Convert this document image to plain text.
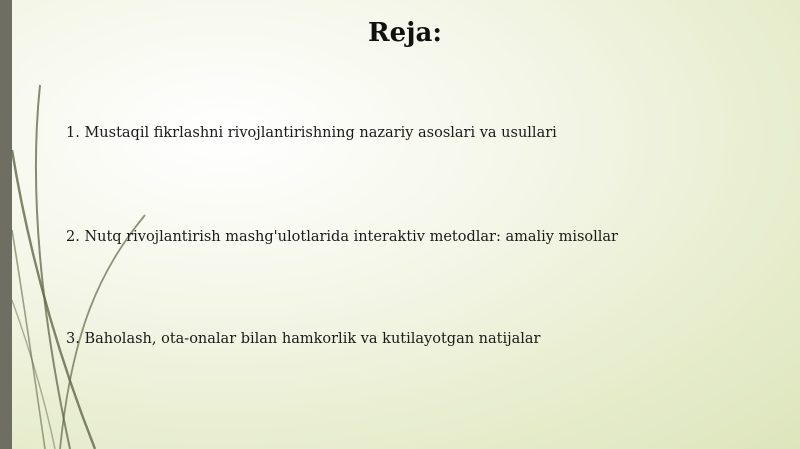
Reja:

1. Mustaqil fikrlashni rivojlantirishning nazariy asoslari va usullari

2. Nutq rivojlantirish mashg'ulotlarida interaktiv metodlar: amaliy misollar

3. Baholash, ota-onalar bilan hamkorlik va kutilayotgan natijalar
